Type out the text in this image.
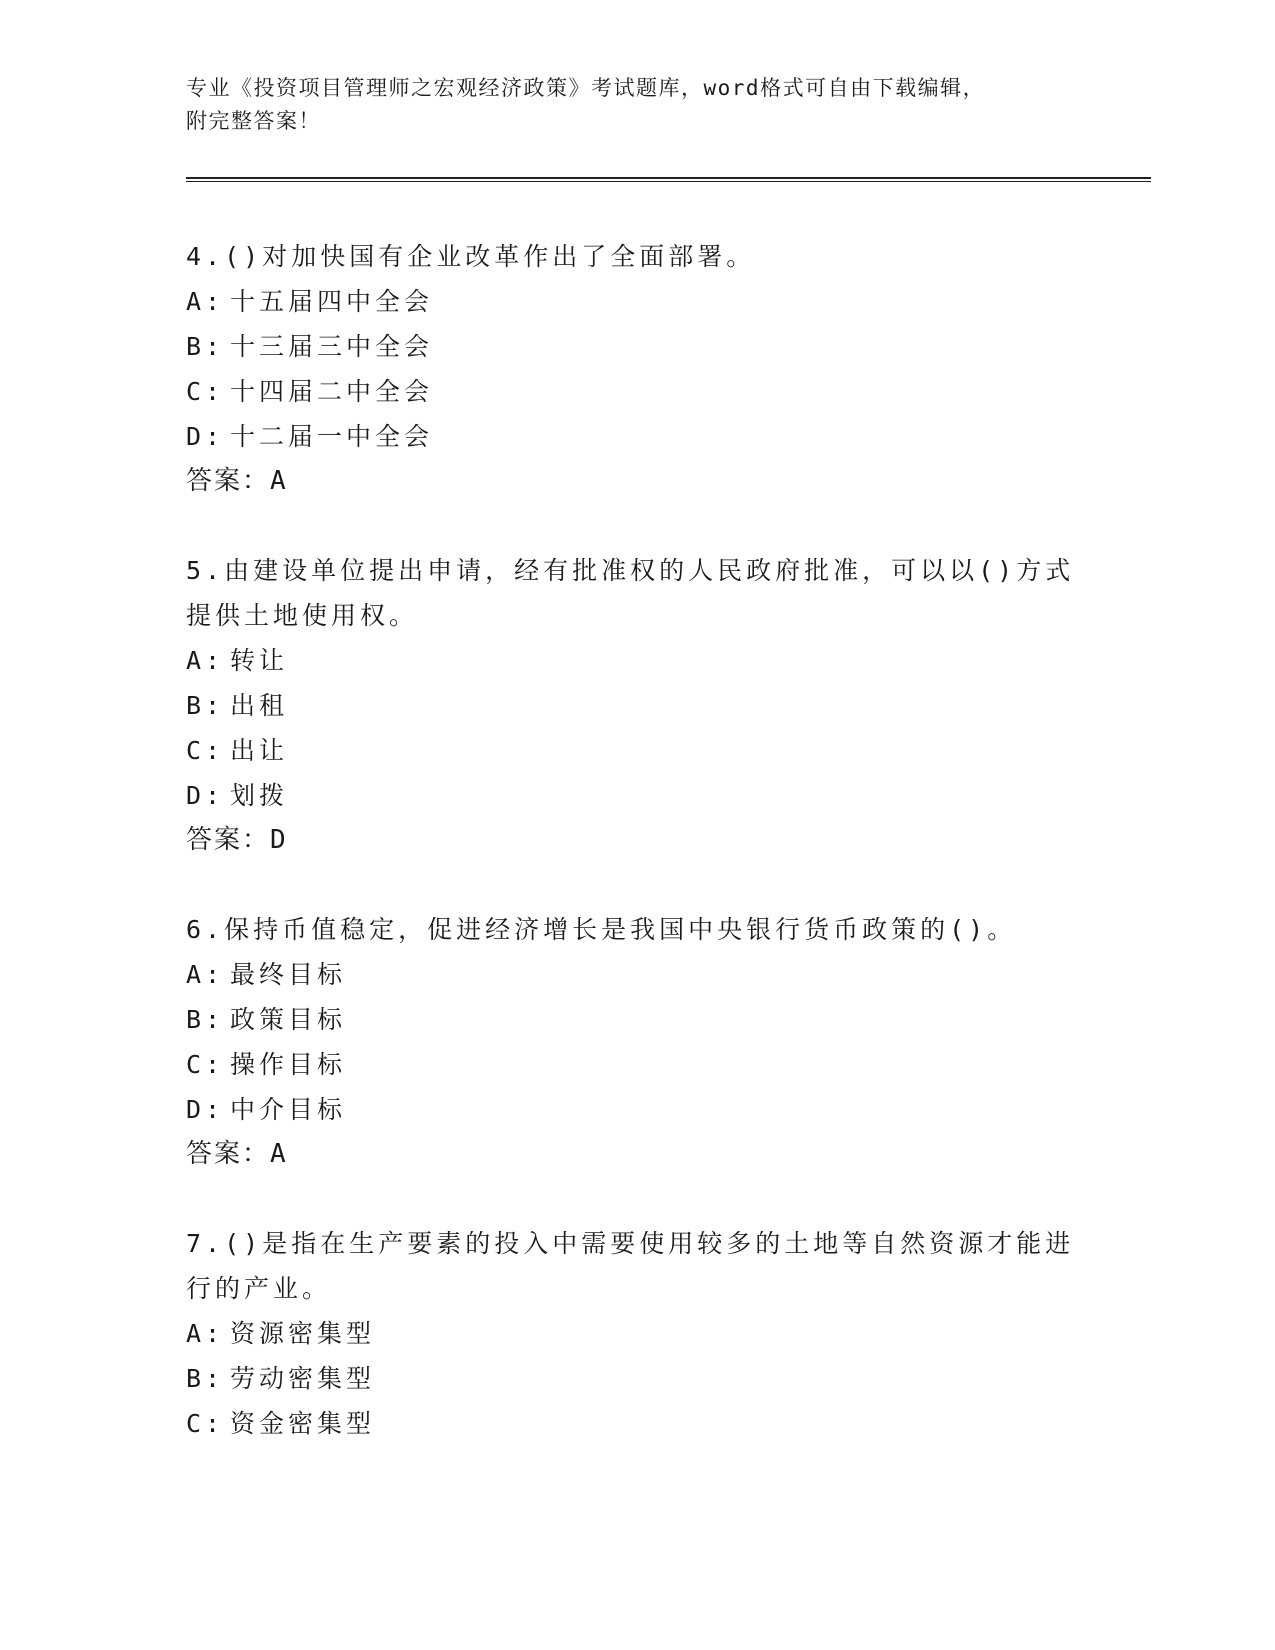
专业《投资项目管理师之宏观经济政策》考试题库，word格式可自由下载编辑，
附完整答案！

4.()对加快国有企业改革作出了全面部署。

A: 十五届四中全会

B: 十三届三中全会

C: 十四届二中全会

D: 十二届一中全会

答案：A

5.由建设单位提出申请，经有批准权的人民政府批准，可以以()方式

提供土地使用权。

A: 转让

B: 出租

C: 出让

D: 划拨

答案：D

6.保持币值稳定，促进经济增长是我国中央银行货币政策的()。

A: 最终目标

B: 政策目标

C: 操作目标

D: 中介目标

答案：A

7.()是指在生产要素的投入中需要使用较多的土地等自然资源才能进

行的产业。

A: 资源密集型

B: 劳动密集型

C: 资金密集型
